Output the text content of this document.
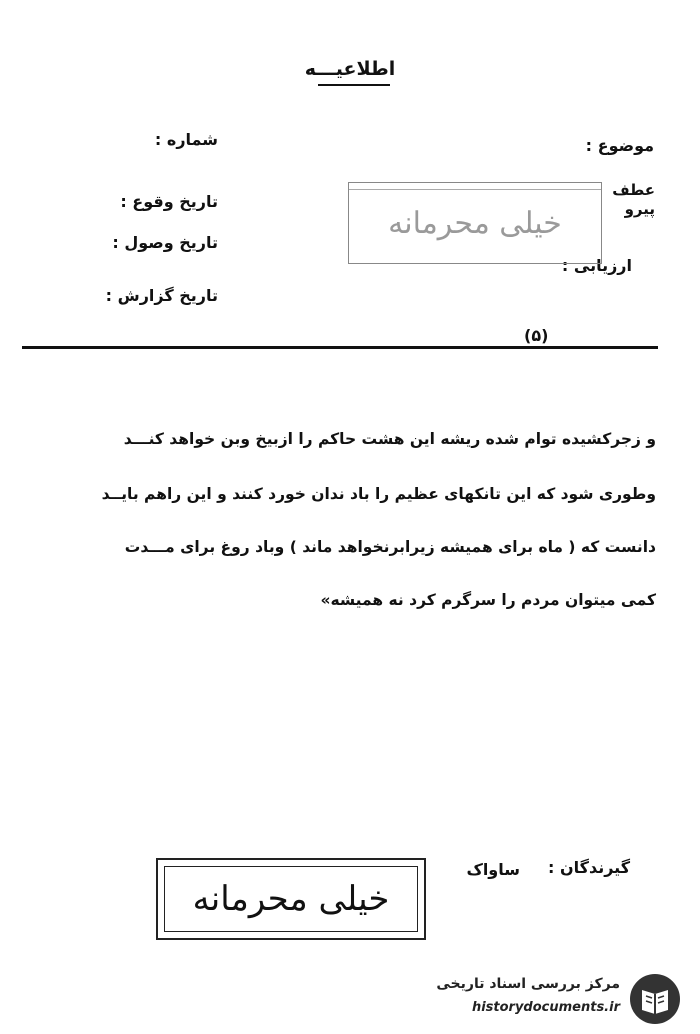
اطلاعیـــه
موضوع :
شماره :
تاریخ وقوع :
تاریخ وصول :
تاریخ گزارش :
عطف
پیرو
ارزیابی :
خیلی محرمانه
(۵)
و زجرکشیده توام شده ریشه این هشت حاکم را ازبیخ وبن خواهد کنـــد
وطوری شود که این تانکهای عظیم را باد ندان خورد کنند و این راهم بایــد
دانست که ( ماه برای همیشه زیرابرنخواهد ماند ) وباد روغ برای مـــدت
کمی میتوان مردم را سرگرم کرد نه همیشه»
گیرندگان :
ساواک
خیلی محرمانه
مرکز بررسی اسناد تاریخی
historydocuments.ir
